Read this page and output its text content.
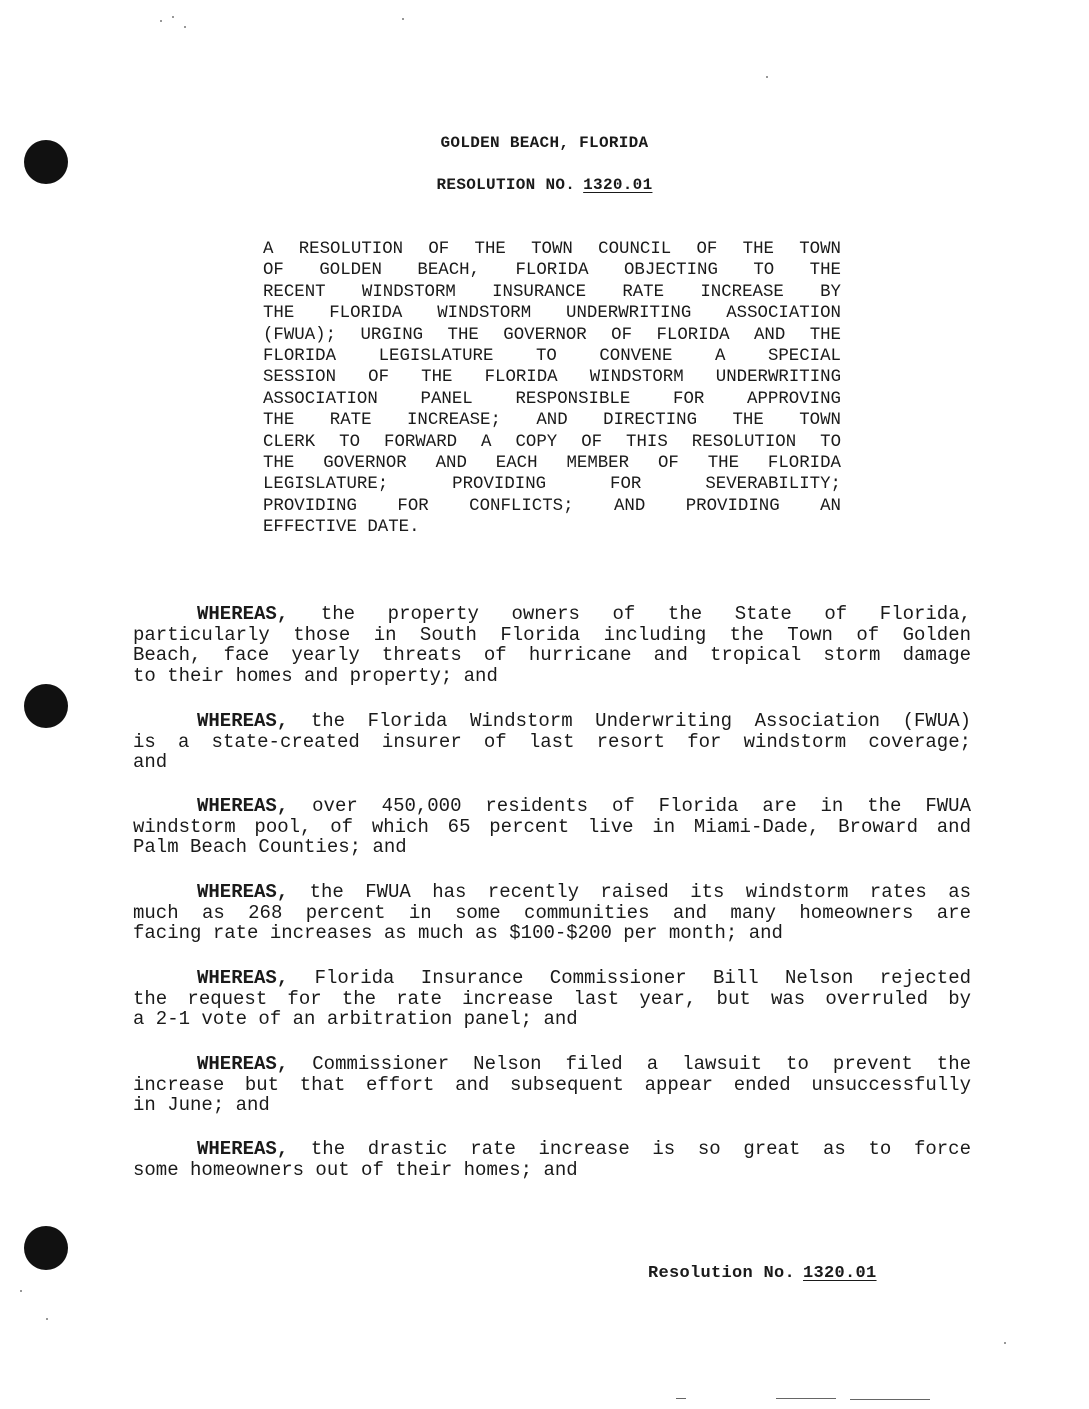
GOLDEN BEACH, FLORIDA
RESOLUTION NO. 1320.01
A RESOLUTION OF THE TOWN COUNCIL OF THE TOWN
OF GOLDEN BEACH, FLORIDA OBJECTING TO THE
RECENT WINDSTORM INSURANCE RATE INCREASE BY
THE FLORIDA WINDSTORM UNDERWRITING ASSOCIATION
(FWUA); URGING THE GOVERNOR OF FLORIDA AND THE
FLORIDA LEGISLATURE TO CONVENE A SPECIAL
SESSION OF THE FLORIDA WINDSTORM UNDERWRITING
ASSOCIATION PANEL RESPONSIBLE FOR APPROVING
THE RATE INCREASE; AND DIRECTING THE TOWN
CLERK TO FORWARD A COPY OF THIS RESOLUTION TO
THE GOVERNOR AND EACH MEMBER OF THE FLORIDA
LEGISLATURE; PROVIDING FOR SEVERABILITY;
PROVIDING FOR CONFLICTS; AND PROVIDING AN
EFFECTIVE DATE.
WHEREAS, the property owners of the State of Florida,
particularly those in South Florida including the Town of Golden
Beach, face yearly threats of hurricane and tropical storm damage
to their homes and property; and
WHEREAS, the Florida Windstorm Underwriting Association (FWUA)
is a state-created insurer of last resort for windstorm coverage;
and
WHEREAS, over 450,000 residents of Florida are in the FWUA
windstorm pool, of which 65 percent live in Miami-Dade, Broward and
Palm Beach Counties; and
WHEREAS, the FWUA has recently raised its windstorm rates as
much as 268 percent in some communities and many homeowners are
facing rate increases as much as $100-$200 per month; and
WHEREAS, Florida Insurance Commissioner Bill Nelson rejected
the request for the rate increase last year, but was overruled by
a 2-1 vote of an arbitration panel; and
WHEREAS, Commissioner Nelson filed a lawsuit to prevent the
increase but that effort and subsequent appear ended unsuccessfully
in June; and
WHEREAS, the drastic rate increase is so great as to force
some homeowners out of their homes; and
Resolution No. 1320.01
